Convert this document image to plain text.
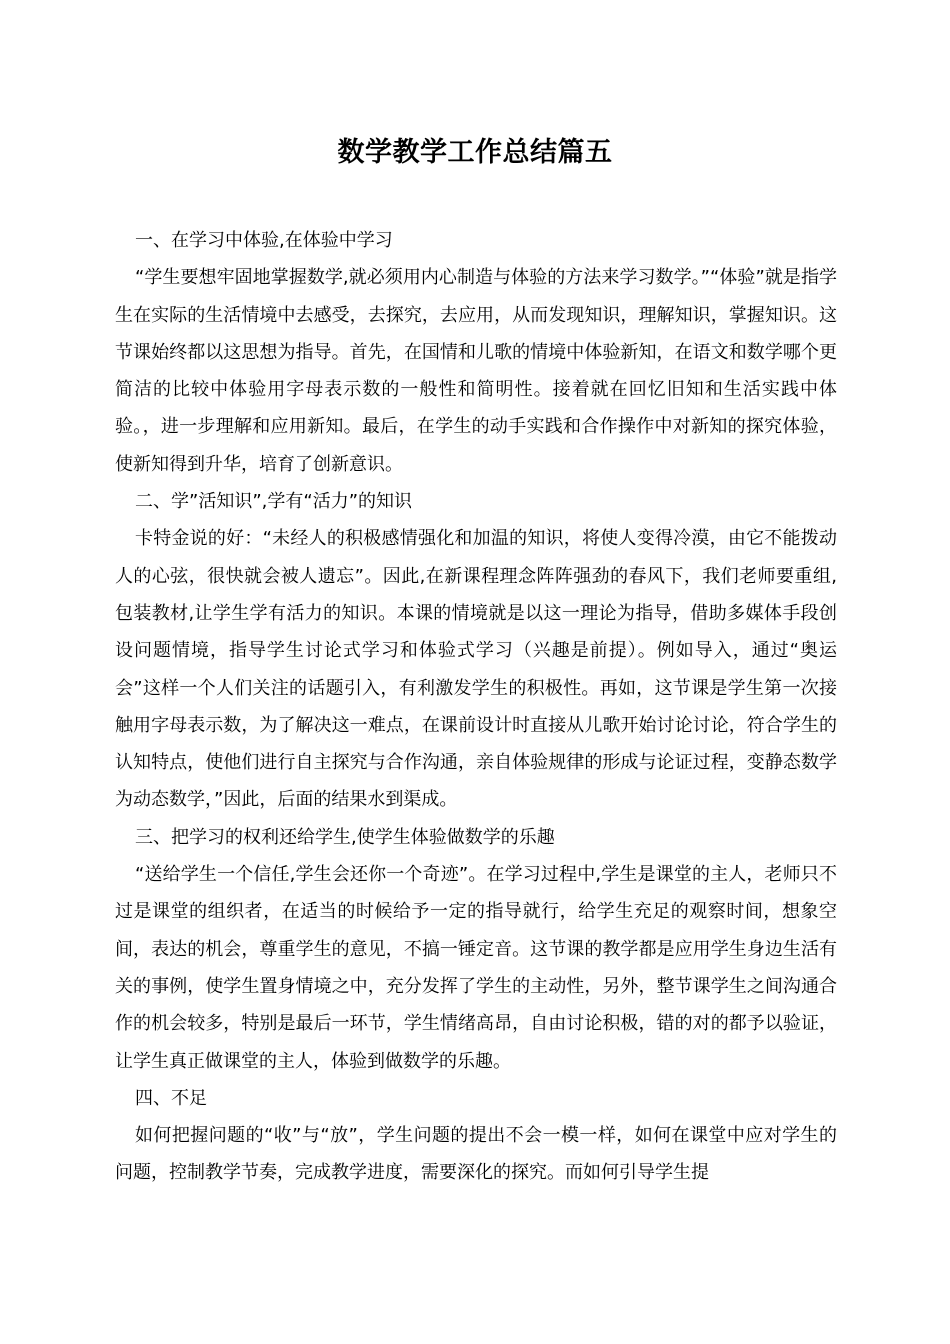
数学教学工作总结篇五

一、在学习中体验,在体验中学习

“学生要想牢固地掌握数学,就必须用内心制造与体验的方法来学习数学。”“体验”就是指学生在实际的生活情境中去感受，去探究，去应用，从而发现知识，理解知识，掌握知识。这节课始终都以这思想为指导。首先，在国情和儿歌的情境中体验新知，在语文和数学哪个更简洁的比较中体验用字母表示数的一般性和简明性。接着就在回忆旧知和生活实践中体验。，进一步理解和应用新知。最后，在学生的动手实践和合作操作中对新知的探究体验，使新知得到升华，培育了创新意识。

二、学”活知识”,学有“活力”的知识

卡特金说的好：“未经人的积极感情强化和加温的知识，将使人变得冷漠，由它不能拨动人的心弦，很快就会被人遗忘”。因此,在新课程理念阵阵强劲的春风下，我们老师要重组,包装教材,让学生学有活力的知识。本课的情境就是以这一理论为指导，借助多媒体手段创设问题情境，指导学生讨论式学习和体验式学习（兴趣是前提）。例如导入，通过“奥运会”这样一个人们关注的话题引入，有利激发学生的积极性。再如，这节课是学生第一次接触用字母表示数，为了解决这一难点，在课前设计时直接从儿歌开始讨论讨论，符合学生的认知特点，使他们进行自主探究与合作沟通，亲自体验规律的形成与论证过程，变静态数学为动态数学，”因此，后面的结果水到渠成。

三、把学习的权利还给学生,使学生体验做数学的乐趣

“送给学生一个信任,学生会还你一个奇迹”。在学习过程中,学生是课堂的主人，老师只不过是课堂的组织者，在适当的时候给予一定的指导就行，给学生充足的观察时间，想象空间，表达的机会，尊重学生的意见，不搞一锤定音。这节课的教学都是应用学生身边生活有关的事例，使学生置身情境之中，充分发挥了学生的主动性，另外，整节课学生之间沟通合作的机会较多，特别是最后一环节，学生情绪高昂，自由讨论积极，错的对的都予以验证，让学生真正做课堂的主人，体验到做数学的乐趣。

四、不足

如何把握问题的“收”与“放”，学生问题的提出不会一模一样，如何在课堂中应对学生的问题，控制教学节奏，完成教学进度，需要深化的探究。而如何引导学生提
